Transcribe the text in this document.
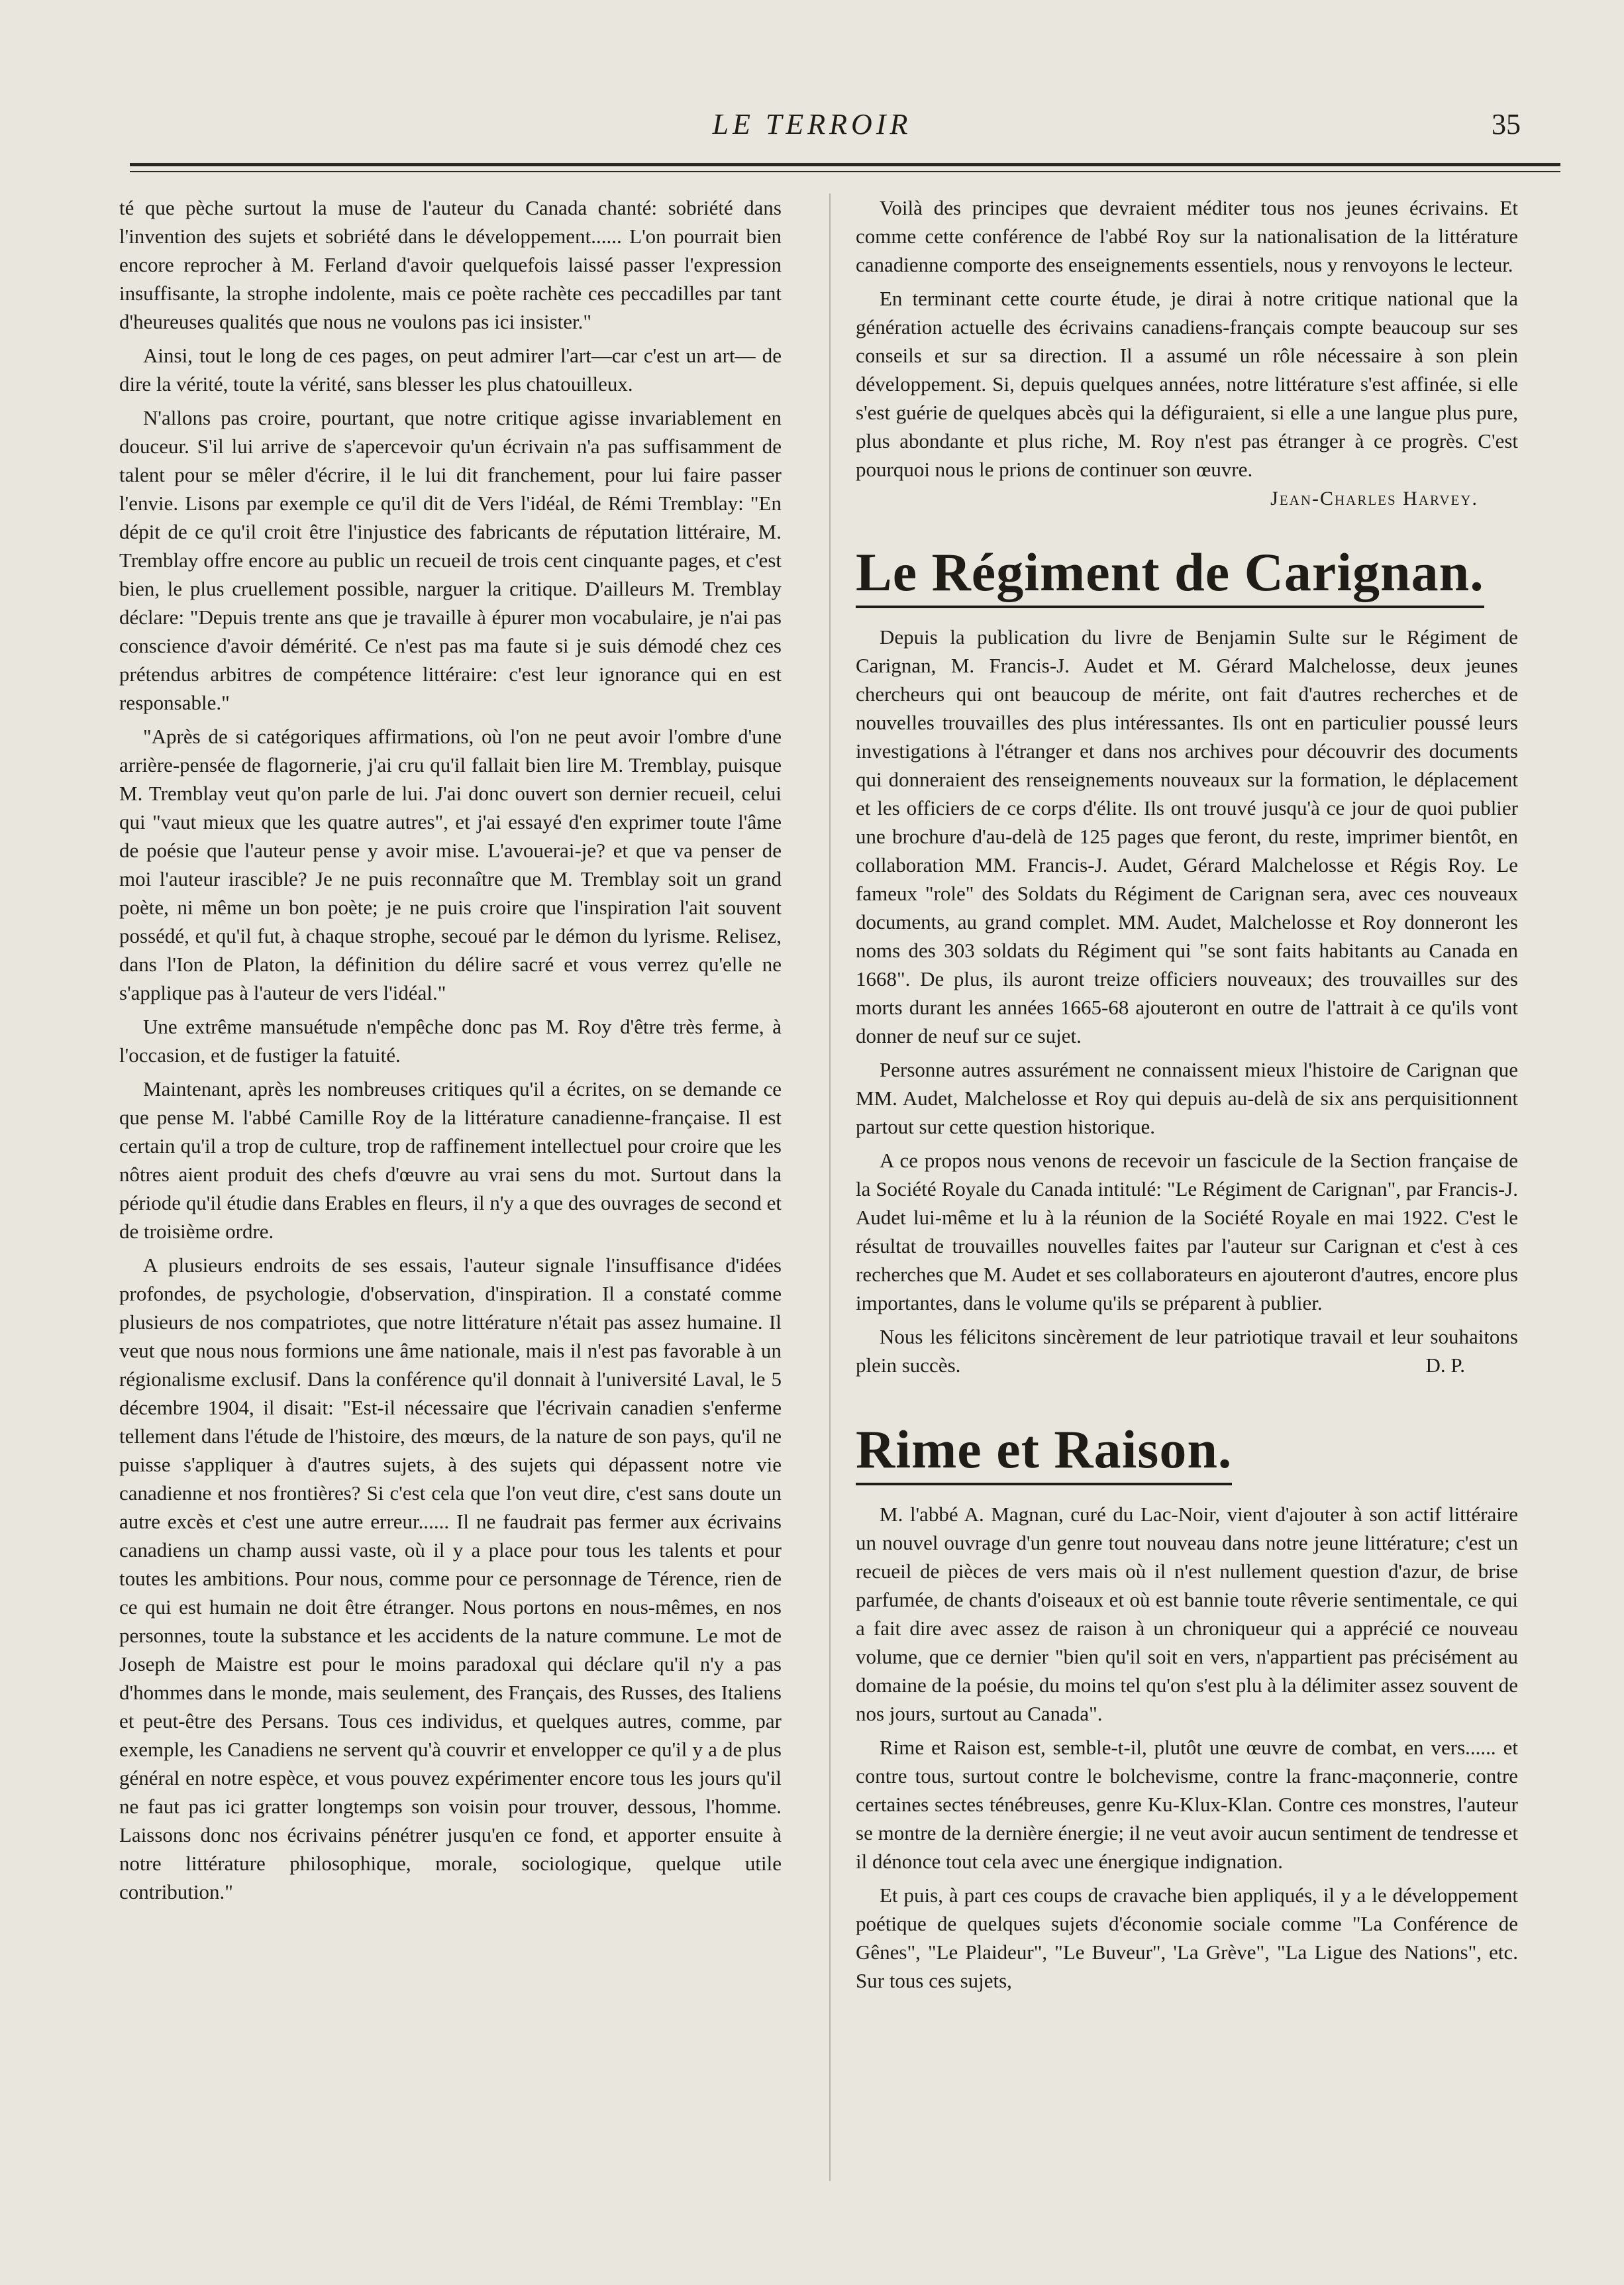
LE TERROIR	35

té que pèche surtout la muse de l'auteur du Canada chanté: sobriété dans l'invention des sujets et sobriété dans le développement...... L'on pourrait bien encore reprocher à M. Ferland d'avoir quelquefois laissé passer l'expression insuffisante, la strophe indolente, mais ce poète rachète ces peccadilles par tant d'heureuses qualités que nous ne voulons pas ici insister."

Ainsi, tout le long de ces pages, on peut admirer l'art—car c'est un art— de dire la vérité, toute la vérité, sans blesser les plus chatouilleux.

N'allons pas croire, pourtant, que notre critique agisse invariablement en douceur. S'il lui arrive de s'apercevoir qu'un écrivain n'a pas suffisamment de talent pour se mêler d'écrire, il le lui dit franchement, pour lui faire passer l'envie. Lisons par exemple ce qu'il dit de Vers l'idéal, de Rémi Tremblay: "En dépit de ce qu'il croit être l'injustice des fabricants de réputation littéraire, M. Tremblay offre encore au public un recueil de trois cent cinquante pages, et c'est bien, le plus cruellement possible, narguer la critique. D'ailleurs M. Tremblay déclare: "Depuis trente ans que je travaille à épurer mon vocabulaire, je n'ai pas conscience d'avoir démérité. Ce n'est pas ma faute si je suis démodé chez ces prétendus arbitres de compétence littéraire: c'est leur ignorance qui en est responsable."

"Après de si catégoriques affirmations, où l'on ne peut avoir l'ombre d'une arrière-pensée de flagornerie, j'ai cru qu'il fallait bien lire M. Tremblay, puisque M. Tremblay veut qu'on parle de lui. J'ai donc ouvert son dernier recueil, celui qui "vaut mieux que les quatre autres", et j'ai essayé d'en exprimer toute l'âme de poésie que l'auteur pense y avoir mise. L'avouerai-je? et que va penser de moi l'auteur irascible? Je ne puis reconnaître que M. Tremblay soit un grand poète, ni même un bon poète; je ne puis croire que l'inspiration l'ait souvent possédé, et qu'il fut, à chaque strophe, secoué par le démon du lyrisme. Relisez, dans l'Ion de Platon, la définition du délire sacré et vous verrez qu'elle ne s'applique pas à l'auteur de vers l'idéal."

Une extrême mansuétude n'empêche donc pas M. Roy d'être très ferme, à l'occasion, et de fustiger la fatuité.

Maintenant, après les nombreuses critiques qu'il a écrites, on se demande ce que pense M. l'abbé Camille Roy de la littérature canadienne-française. Il est certain qu'il a trop de culture, trop de raffinement intellectuel pour croire que les nôtres aient produit des chefs d'œuvre au vrai sens du mot. Surtout dans la période qu'il étudie dans Erables en fleurs, il n'y a que des ouvrages de second et de troisième ordre.

A plusieurs endroits de ses essais, l'auteur signale l'insuffisance d'idées profondes, de psychologie, d'observation, d'inspiration. Il a constaté comme plusieurs de nos compatriotes, que notre littérature n'était pas assez humaine. Il veut que nous nous formions une âme nationale, mais il n'est pas favorable à un régionalisme exclusif. Dans la conférence qu'il donnait à l'université Laval, le 5 décembre 1904, il disait: "Est-il nécessaire que l'écrivain canadien s'enferme tellement dans l'étude de l'histoire, des mœurs, de la nature de son pays, qu'il ne puisse s'appliquer à d'autres sujets, à des sujets qui dépassent notre vie canadienne et nos frontières? Si c'est cela que l'on veut dire, c'est sans doute un autre excès et c'est une autre erreur...... Il ne faudrait pas fermer aux écrivains canadiens un champ aussi vaste, où il y a place pour tous les talents et pour toutes les ambitions. Pour nous, comme pour ce personnage de Térence, rien de ce qui est humain ne doit être étranger. Nous portons en nous-mêmes, en nos personnes, toute la substance et les accidents de la nature commune. Le mot de Joseph de Maistre est pour le moins paradoxal qui déclare qu'il n'y a pas d'hommes dans le monde, mais seulement, des Français, des Russes, des Italiens et peut-être des Persans. Tous ces individus, et quelques autres, comme, par exemple, les Canadiens ne servent qu'à couvrir et envelopper ce qu'il y a de plus général en notre espèce, et vous pouvez expérimenter encore tous les jours qu'il ne faut pas ici gratter longtemps son voisin pour trouver, dessous, l'homme. Laissons donc nos écrivains pénétrer jusqu'en ce fond, et apporter ensuite à notre littérature philosophique, morale, sociologique, quelque utile contribution."

Voilà des principes que devraient méditer tous nos jeunes écrivains. Et comme cette conférence de l'abbé Roy sur la nationalisation de la littérature canadienne comporte des enseignements essentiels, nous y renvoyons le lecteur.

En terminant cette courte étude, je dirai à notre critique national que la génération actuelle des écrivains canadiens-français compte beaucoup sur ses conseils et sur sa direction. Il a assumé un rôle nécessaire à son plein développement. Si, depuis quelques années, notre littérature s'est affinée, si elle s'est guérie de quelques abcès qui la défiguraient, si elle a une langue plus pure, plus abondante et plus riche, M. Roy n'est pas étranger à ce progrès. C'est pourquoi nous le prions de continuer son œuvre.

Jean-Charles Harvey.
Le Régiment de Carignan.

Depuis la publication du livre de Benjamin Sulte sur le Régiment de Carignan, M. Francis-J. Audet et M. Gérard Malchelosse, deux jeunes chercheurs qui ont beaucoup de mérite, ont fait d'autres recherches et de nouvelles trouvailles des plus intéressantes. Ils ont en particulier poussé leurs investigations à l'étranger et dans nos archives pour découvrir des documents qui donneraient des renseignements nouveaux sur la formation, le déplacement et les officiers de ce corps d'élite. Ils ont trouvé jusqu'à ce jour de quoi publier une brochure d'au-delà de 125 pages que feront, du reste, imprimer bientôt, en collaboration MM. Francis-J. Audet, Gérard Malchelosse et Régis Roy. Le fameux "role" des Soldats du Régiment de Carignan sera, avec ces nouveaux documents, au grand complet. MM. Audet, Malchelosse et Roy donneront les noms des 303 soldats du Régiment qui "se sont faits habitants au Canada en 1668". De plus, ils auront treize officiers nouveaux; des trouvailles sur des morts durant les années 1665-68 ajouteront en outre de l'attrait à ce qu'ils vont donner de neuf sur ce sujet.

Personne autres assurément ne connaissent mieux l'histoire de Carignan que MM. Audet, Malchelosse et Roy qui depuis au-delà de six ans perquisitionnent partout sur cette question historique.

A ce propos nous venons de recevoir un fascicule de la Section française de la Société Royale du Canada intitulé: "Le Régiment de Carignan", par Francis-J. Audet lui-même et lu à la réunion de la Société Royale en mai 1922. C'est le résultat de trouvailles nouvelles faites par l'auteur sur Carignan et c'est à ces recherches que M. Audet et ses collaborateurs en ajouteront d'autres, encore plus importantes, dans le volume qu'ils se préparent à publier.

Nous les félicitons sincèrement de leur patriotique travail et leur souhaitons plein succès.	D. P.

Rime et Raison.

M. l'abbé A. Magnan, curé du Lac-Noir, vient d'ajouter à son actif littéraire un nouvel ouvrage d'un genre tout nouveau dans notre jeune littérature; c'est un recueil de pièces de vers mais où il n'est nullement question d'azur, de brise parfumée, de chants d'oiseaux et où est bannie toute rêverie sentimentale, ce qui a fait dire avec assez de raison à un chroniqueur qui a apprécié ce nouveau volume, que ce dernier "bien qu'il soit en vers, n'appartient pas précisément au domaine de la poésie, du moins tel qu'on s'est plu à la délimiter assez souvent de nos jours, surtout au Canada".

Rime et Raison est, semble-t-il, plutôt une œuvre de combat, en vers...... et contre tous, surtout contre le bolchevisme, contre la franc-maçonnerie, contre certaines sectes ténébreuses, genre Ku-Klux-Klan. Contre ces monstres, l'auteur se montre de la dernière énergie; il ne veut avoir aucun sentiment de tendresse et il dénonce tout cela avec une énergique indignation.

Et puis, à part ces coups de cravache bien appliqués, il y a le développement poétique de quelques sujets d'économie sociale comme "La Conférence de Gênes", "Le Plaideur", "Le Buveur", 'La Grève", "La Ligue des Nations", etc. Sur tous ces sujets,
